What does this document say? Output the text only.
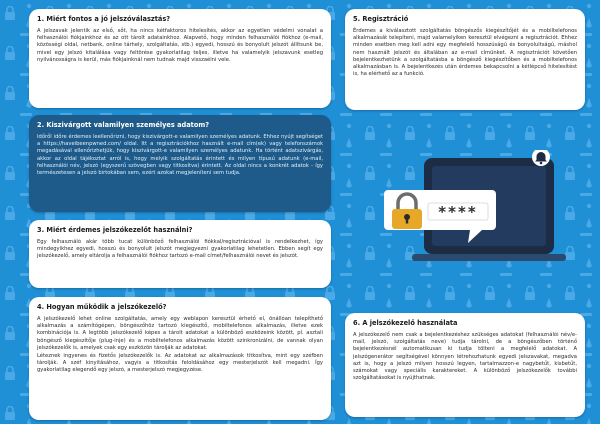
1. Miért fontos a jó jelszóválasztás?

A jelszavak jelentik az első, sőt, ha nincs kétfaktoros hitelesítés, akkor az egyetlen védelmi vonalat a felhasználói fiókjainkhoz és az ott tárolt adatainkhoz. Alapvető, hogy minden felhasználói fiókhoz (e-mail, közösségi oldal, netbank, online tárhely, szolgáltatás, stb.) egyedi, hosszú és bonyolult jelszót állítsunk be, mivel egy jelszó kitalálása vagy feltörése gyakorlatilag teljes, illetve ha valamelyik jelszavunk esetleg nyilvánosságra is kerül, más fiókjainknál nem tudnak majd visszaélni vele.

2. Kiszivárgott valamilyen személyes adatom?

Időről időre érdemes leellenőrizni, hogy kiszivárgott-e valamilyen személyes adatunk. Ehhez nyújt segítséget a https://haveibeenpwned.com/ oldal. Itt a regisztrációkhoz használt e-mail cím(ek) vagy telefonszámok megadásával ellenőrizhetjük, hogy kiszivárgott-e valamilyen személyes adatunk. Ha történt adatszivárgás, akkor az oldal tájékoztat arról is, hogy melyik szolgáltatás érintett és milyen típusú adatunk (e-mail, felhasználói név, jelszó (egyszerű szövegben vagy titkosítva) érintett. Az oldal nincs a konkrét adatok - így természetesen a jelszó birtokában sem, ezért azokat megjeleníteni sem tudja.

3. Miért érdemes jelszókezelőt használni?

Egy felhasználó akár több tucat különböző felhasználói fiókkal/regisztrációval is rendelkezhet, így mindegyikhez egyedi, hosszú és bonyolult jelszót megjegyezni gyakorlatilag lehetetlen. Ebben segít egy jelszókezelő, amely eltárolja a felhasználói fiókhoz tartozó e-mail címet/felhasználói nevet és jelszót.

4. Hogyan működik a jelszókezelő?

A jelszókezelő lehet online szolgáltatás, amely egy weblapon keresztül érhető el, önállóan telepíthető alkalmazás a számítógépen, böngészőhöz tartozó kiegészítő, mobiltelefonos alkalmazás, illetve ezek kombinációja is. A legtöbb jelszókezelő képes a tárolt adatokat a különböző eszközeink között, pl. asztali böngésző kiegészítője (plug-inje) és a mobiltelefonos alkalmazás között szinkronizálni, de vannak olyan jelszókezelők is, amelyek csak egy eszközön tárolják az adatokat.

Léteznek ingyenes és fizetős jelszókezelők is. Az adatokat az alkalmazások titkosítva, mint egy széfben tárolják. A széf kinyitásához, vagyis a titkosítás feloldásához egy mesterjelszót kell megadni. Így gyakorlatilag elegendő egy jelszó, a mesterjelszó megjegyzése.

5. Regisztráció

Érdemes a kiválasztott szolgáltatás böngészős kiegészítőjét és a mobiltelefonos alkalmazását telepíteni, majd valamelyiken keresztül elvégezni a regisztrációt. Ehhez minden esetben meg kell adni egy megfelelő hosszúságú és bonyolultságú, máshol nem használt jelszót és általában az e-mail címünket. A regisztrációt követően bejelentkezhetünk a szolgáltatásba a böngésző kiegészítőben és a mobiltelefonos alkalmazásban is. A bejelentkezés után érdemes bekapcsolni a kétlépcső hitelesítést is, ha elérhető az a funkció.

****
6. A jelszókezelő használata

A jelszókezelő nem csak a bejelentkezéshez szükséges adatokat (felhasználói név/e-mail, jelszó, szolgáltatás neve) tudja tárolni, de a böngészőben történő bejelentkezésnél automatikusan ki tudja tölteni a megfelelő adatokat. A jelszógenerátor segítségével könnyen létrehozhatunk egyedi jelszavakat, megadva azt is, hogy a jelszó milyen hosszú legyen, tartalmazzon-e nagybetűt, kisbetűt, számokat vagy speciális karaktereket. A különböző jelszókezelők további szolgáltatásokat is nyújthatnak.
